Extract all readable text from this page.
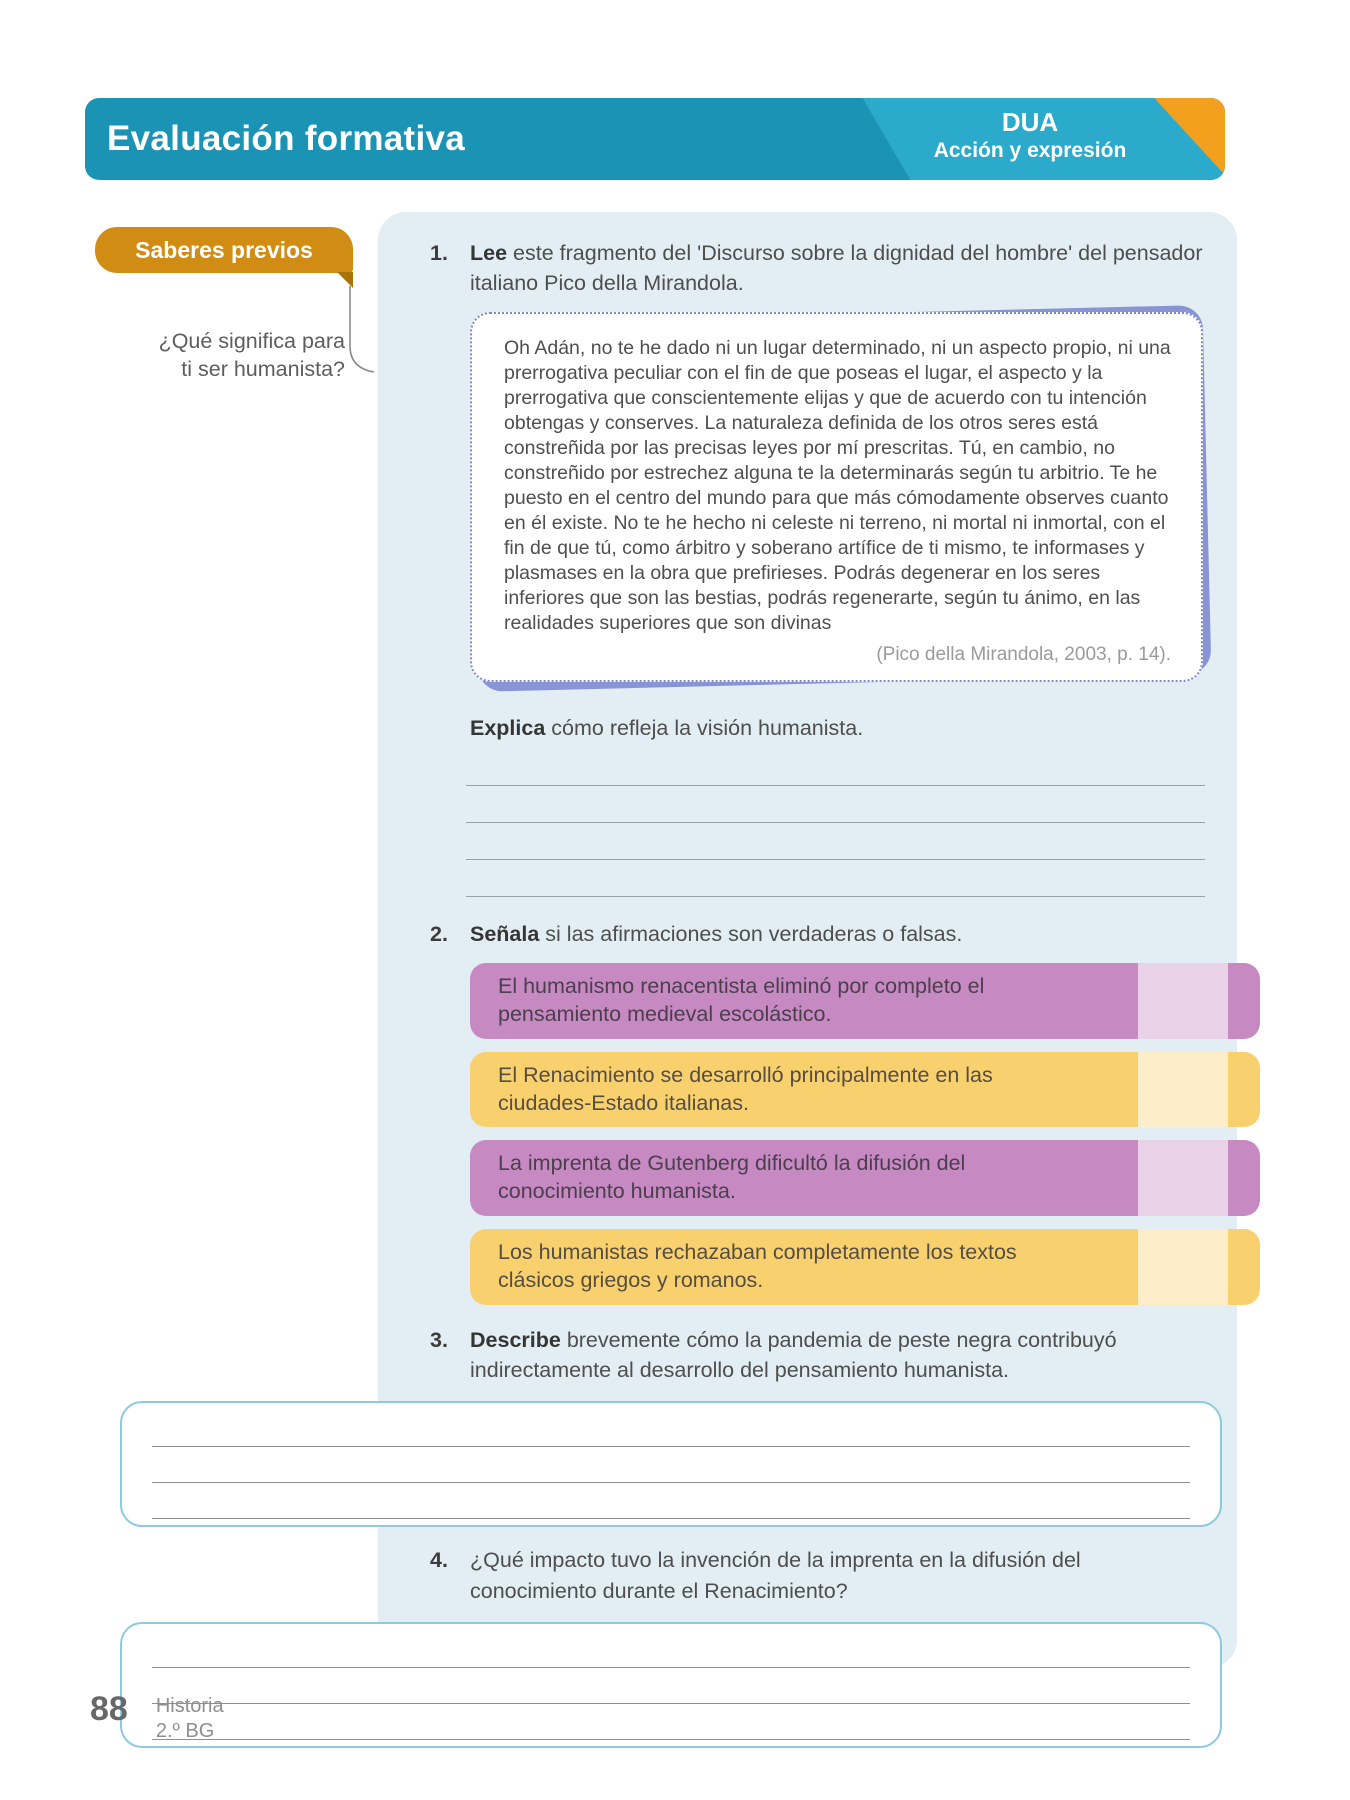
Evaluación formativa	DUA
Acción y expresión
Saberes previos
¿Qué significa para
ti ser humanista?
1.	Lee este fragmento del 'Discurso sobre la dignidad del hombre' del pensador italiano Pico della Mirandola.

Oh Adán, no te he dado ni un lugar determinado, ni un aspecto propio, ni una prerrogativa peculiar con el fin de que poseas el lugar, el aspecto y la prerrogativa que conscientemente elijas y que de acuerdo con tu intención obtengas y conserves. La naturaleza definida de los otros seres está constreñida por las precisas leyes por mí prescritas. Tú, en cambio, no constreñido por estrechez alguna te la determinarás según tu arbitrio. Te he puesto en el centro del mundo para que más cómodamente observes cuanto en él existe. No te he hecho ni celeste ni terreno, ni mortal ni inmortal, con el fin de que tú, como árbitro y soberano artífice de ti mismo, te informases y plasmases en la obra que prefirieses. Podrás degenerar en los seres inferiores que son las bestias, podrás regenerarte, según tu ánimo, en las realidades superiores que son divinas

(Pico della Mirandola, 2003, p. 14).
Explica cómo refleja la visión humanista.
2.	Señala si las afirmaciones son verdaderas o falsas.
El humanismo renacentista eliminó por completo el pensamiento medieval escolástico.
El Renacimiento se desarrolló principalmente en las ciudades-Estado italianas.
La imprenta de Gutenberg dificultó la difusión del conocimiento humanista.
Los humanistas rechazaban completamente los textos clásicos griegos y romanos.
3.	Describe brevemente cómo la pandemia de peste negra contribuyó indirectamente al desarrollo del pensamiento humanista.
4.	¿Qué impacto tuvo la invención de la imprenta en la difusión del conocimiento durante el Renacimiento?
88 Historia
2.º BG
